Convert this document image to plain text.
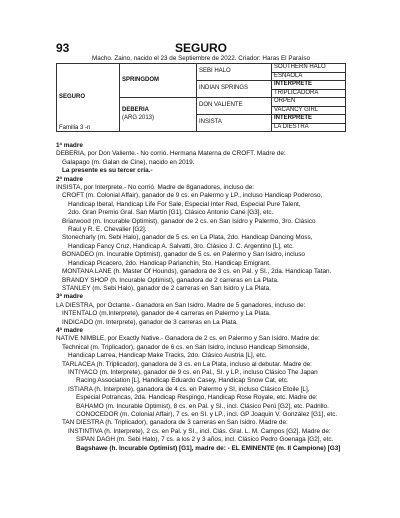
SEGURO
93
Macho. Zaino, nacido el 23 de Septiembre de 2022. Criador: Haras El Paraíso
SEGURO	SPRINGDOM	SEBI HALO	SOUTHERN HALO
			ESNAOLA
		INDIAN SPRINGS	INTERPRETE
			TRIPLICADORA

	DEBERIA
(ARG 2013)	DON VALIENTE	ORPEN
			VACANCY GIRL
		INSISTA	INTERPRETE
			LA DIESTRA
Familia 3 -n
1ª madre
DEBERIA, por Don Valiente.- No corrió. Hermana Materna de CROFT. Madre de:
Galapago (m. Galan de Cine), nacido en 2019.
La presente es su tercer cría.-
2ª madre
INSISTA, por Interprete.- No corrió. Madre de 8ganadores, incluso de:
CROFT (m. Colonial Affair), ganador de 9 cs. en Palermo y LP., incluso Handicap Poderoso,
Handicap Iberal, Handicap Life For Sale, Especial Inter Red, Especial Pure Talent,
2do. Gran Premio Gral. San Martín [G1], Clásico Antonio Cané [G3], etc.
Briarwood (m. Incurable Optimist), ganador de 2 cs. en San Isidro y Palermo, 3ro. Clásico
Raul y R. E. Chevalier [G2].
Stonecharly (m. Sebi Halo), ganador de 5 cs. en La Plata, 2do. Handicap Dancing Moss,
Handicap Fancy Cruz, Handicap A. Salvatti, 3ro. Clásico J. C. Argentino [L], etc.
BONADEO (m. Incurable Optimist), ganador de 5 cs. en Palermo y San Isidro, incluso
Handicap Picacero, 2do. Handicap Parlanchín, 5to. Handicap Emigrant.
MONTANA LANE (h. Master Of Hounds), ganadora de 3 cs. en Pal. y SI., 2da. Handicap Tatan.
BRANDY SHOP (h. Incurable Optimist), ganadora de 2 carreras en La Plata.
STANLEY (m. Sebi Halo), ganador de 2 carreras en San Isidro y La Plata.
3ª madre
LA DIESTRA, por Octante.- Ganadora en San Isidro. Madre de 5 ganadores, incluso de:
INTENTALO (m.Interprete), ganador de 4 carreras en Palermo y La Plata.
INDICADO (m. Interprete), ganador de 3 carreras en La Plata.
4ª madre
NATIVE NIMBLE, por Exactly Native.- Ganadora de 2 cs. en Palermo y San Isidro. Madre de:
Technical (m. Triplicador), ganador de 6 cs. en San Isidro, incluso Handicap Simonside,
Handicap Larrea, Handicap Make Tracks, 2do. Clásico Austria [L], etc.
TARLACEA (h. Triplicador), ganadora de 3 cs. en La Plata, incluso al debutar. Madre de:
INTIYACO (m. Interprete), ganador de 9 cs. en Pal., SI. y LP., incluso Clásico The Japan
Racing Association [L], Handicap Eduardo Casey, Handicap Snow Cat, etc.
ISTIARA (h. Interprete), ganadora de 4 cs. en Palermo y SI, incluso Clásico Etoile [L],
Especial Potrancas, 2da. Handicap Respingo, Handicap Rose Royale, etc. Madre de:
BAHAMO (m. Incurable Optimist), 8 cs. en Pal. y SI., incl. Clásico Perú [G2], etc. Padrillo.
CONOCEDOR (m. Colonial Affair), 7 cs. en SI. y LP., incl. GP Joaquin V. González [G1], etc.
TAN DIESTRA (h. Triplicador), ganadora de 3 carreras en San Isidro. Madre de:
INSTINTIVA (h. Interprete), 2 cs. en Pal. y SI., incl. Clás. Gral. L. M. Campos [G2]. Madre de:
SIPAN DAGH (m. Sebi Halo), 7 cs. a los 2 y 3 años, incl. Clásico Pedro Goenaga [G2], etc.
Bagshawe (h. Incurable Optimist) [G1], madre de: - EL EMINENTE (m. Il Campione) [G3]
